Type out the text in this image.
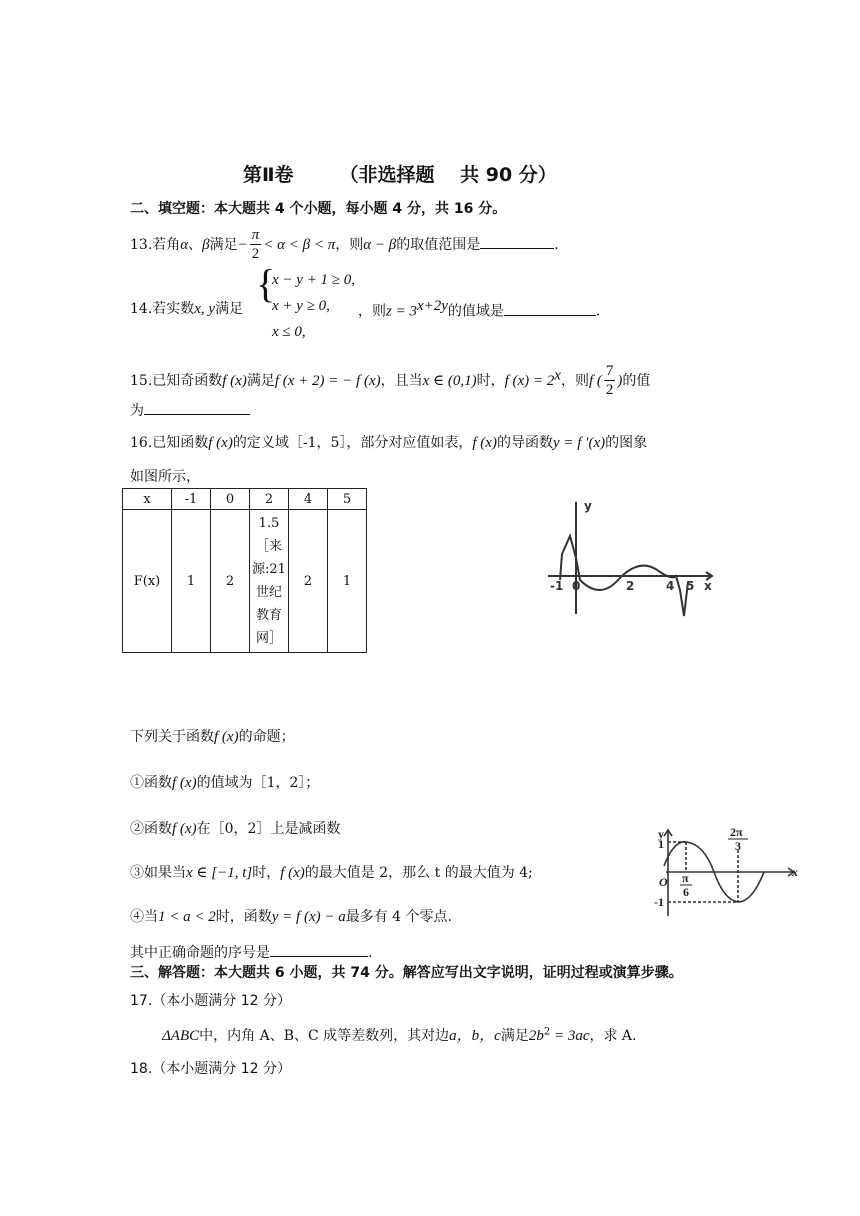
第Ⅱ卷 （非选择题　 共 90 分）
二、填空题：本大题共 4 个小题，每小题 4 分，共 16 分。
13.若角α、β满足− $\frac{\pi}{2} < \alpha < \beta < \pi$，则α − β的取值范围是	.
14.若实数x, y满足
{
x − y + 1 ≥ 0,
x + y ≥ 0,
x ≤ 0,
，则$z = 3^{x+2y}$的值域是	.
15.已知奇函数f (x)满足f (x + 2) = − f (x)，且当x ∈ (0,1)时，f $(x) = 2^x$，则f ( $\frac{7}{2}$ )的值
为
16.已知函数f (x)的定义域［-1，5］，部分对应值如表，f (x)的导函数y = f ′(x)的图象
如图所示，
x	-1	0	2	4	5
F(x)	1	2	1.5［来源:21世纪教育网］	2	1
y
-1 0	2	4 5 x
下列关于函数f (x)的命题；
①函数f (x)的值域为［1，2］；
②函数f (x)在［0，2］上是减函数
③如果当x ∈ [−1, t]时，f (x)的最大值是 2，那么 t 的最大值为 4;
④当1 < a < 2时，函数y = f (x) − a最多有 4 个零点.
其中正确命题的序号是	.
y
1
O π
6
2π
3
-1
x
三、解答题：本大题共 6 小题，共 74 分。解答应写出文字说明，证明过程或演算步骤。
17.（本小题满分 12 分）
ΔABC中，内角 A、B、C 成等差数列，其对边a，b，c满足$2b^2 = 3ac$，求 A.
18.（本小题满分 12 分）
